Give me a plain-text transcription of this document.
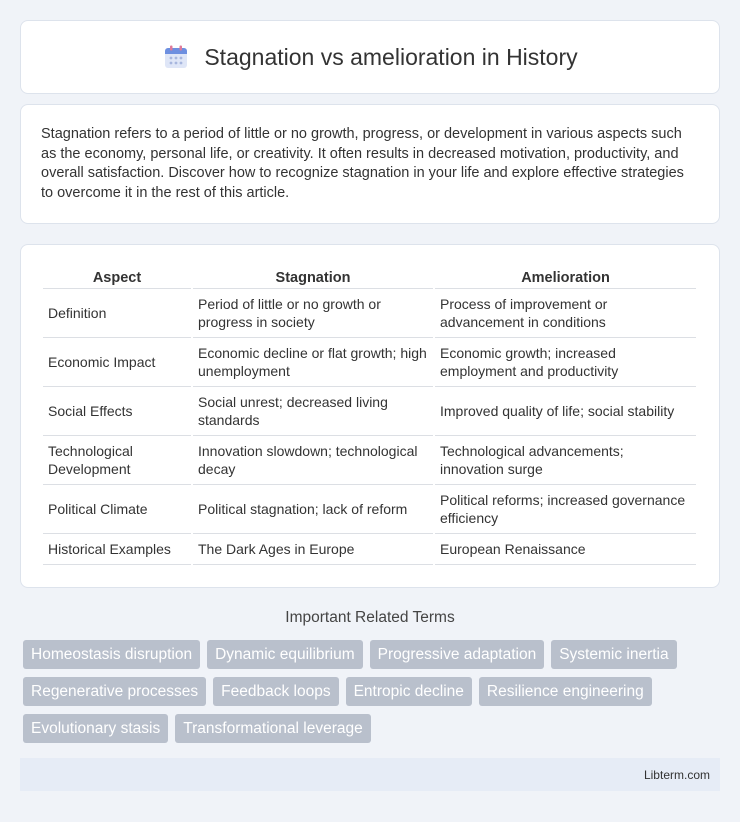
Stagnation vs amelioration in History

Stagnation refers to a period of little or no growth, progress, or development in various aspects such as the economy, personal life, or creativity. It often results in decreased motivation, productivity, and overall satisfaction. Discover how to recognize stagnation in your life and explore effective strategies to overcome it in the rest of this article.

Aspect	Stagnation	Amelioration
Definition	Period of little or no growth or progress in society	Process of improvement or advancement in conditions
Economic Impact	Economic decline or flat growth; high unemployment	Economic growth; increased employment and productivity
Social Effects	Social unrest; decreased living standards	Improved quality of life; social stability
Technological Development	Innovation slowdown; technological decay	Technological advancements; innovation surge
Political Climate	Political stagnation; lack of reform	Political reforms; increased governance efficiency
Historical Examples	The Dark Ages in Europe	European Renaissance
Important Related Terms
Homeostasis disruption	Dynamic equilibrium	Progressive adaptation	Systemic inertia
Regenerative processes	Feedback loops	Entropic decline	Resilience engineering
Evolutionary stasis	Transformational leverage
Libterm.com
